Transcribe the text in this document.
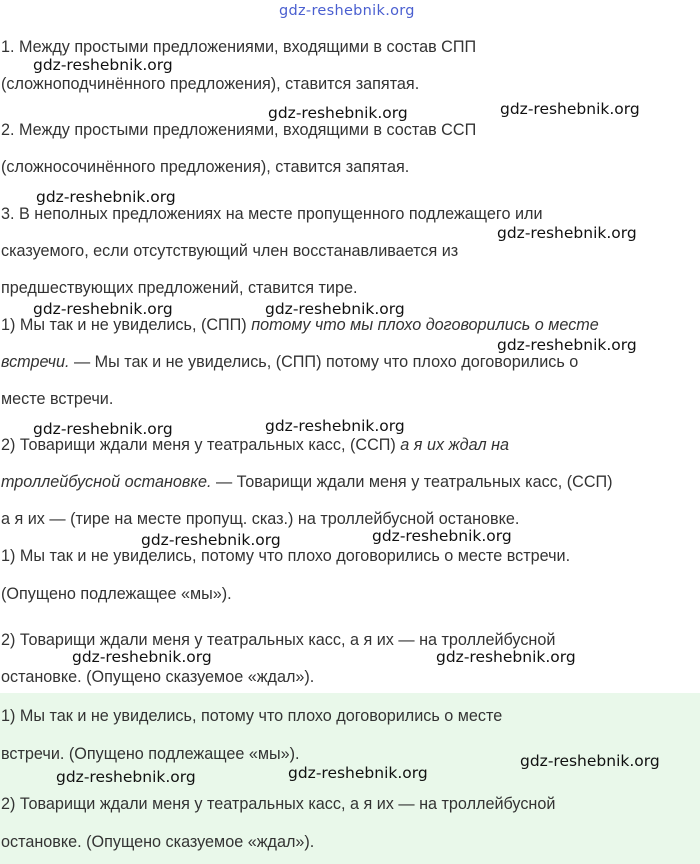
gdz-reshebnik.org
1. Между простыми предложениями, входящими в состав СПП
(сложноподчинённого предложения), ставится запятая.
2. Между простыми предложениями, входящими в состав ССП
(сложносочинённого предложения), ставится запятая.
3. В неполных предложениях на месте пропущенного подлежащего или
сказуемого, если отсутствующий член восстанавливается из
предшествующих предложений, ставится тире.
1) Мы так и не увиделись, (СПП) потому что мы плохо договорились о месте
встречи. — Мы так и не увиделись, (СПП) потому что плохо договорились о
месте встречи.
2) Товарищи ждали меня у театральных касс, (ССП) а я их ждал на
троллейбусной остановке. — Товарищи ждали меня у театральных касс, (ССП)
а я их — (тире на месте пропущ. сказ.) на троллейбусной остановке.
1) Мы так и не увиделись, потому что плохо договорились о месте встречи.
(Опущено подлежащее «мы»).
2) Товарищи ждали меня у театральных касс, а я их — на троллейбусной
остановке. (Опущено сказуемое «ждал»).
1) Мы так и не увиделись, потому что плохо договорились о месте
встречи. (Опущено подлежащее «мы»).
2) Товарищи ждали меня у театральных касс, а я их — на троллейбусной
остановке. (Опущено сказуемое «ждал»).
gdz-reshebnik.org
gdz-reshebnik.org	gdz-reshebnik.org
gdz-reshebnik.org
gdz-reshebnik.org
gdz-reshebnik.org	gdz-reshebnik.org
gdz-reshebnik.org
gdz-reshebnik.org	gdz-reshebnik.org
gdz-reshebnik.org	gdz-reshebnik.org
gdz-reshebnik.org	gdz-reshebnik.org
gdz-reshebnik.org
gdz-reshebnik.org	gdz-reshebnik.org
